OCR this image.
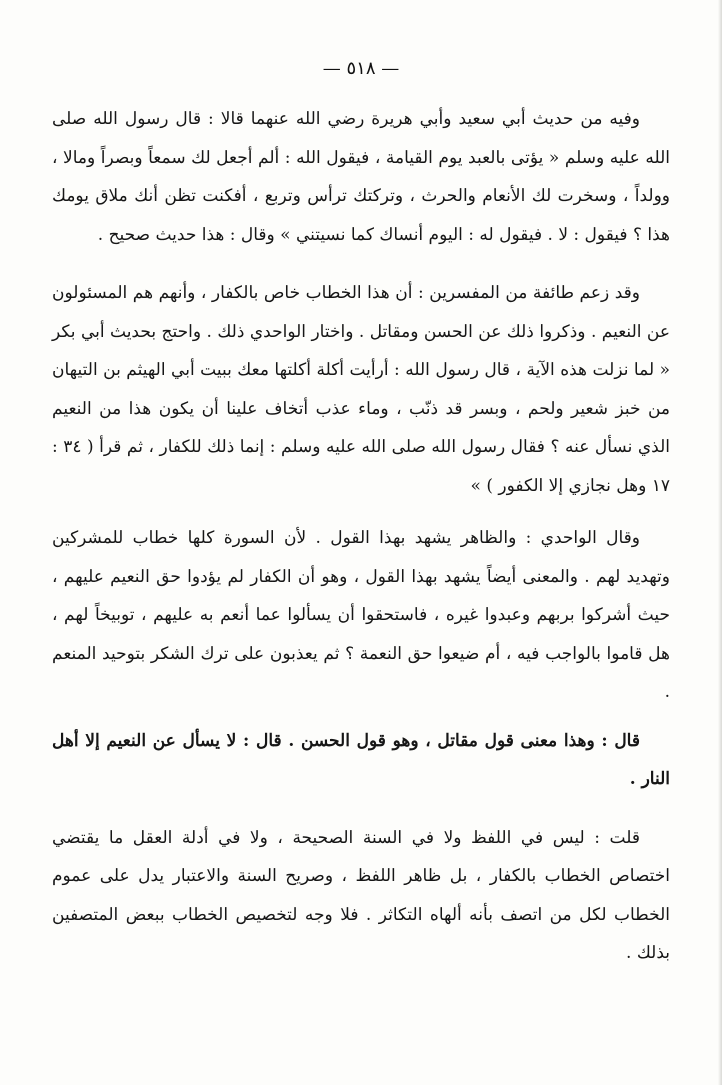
— ٥١٨ —

وفيه من حديث أبي سعيد وأبي هريرة رضي الله عنهما قالا : قال رسول الله صلى الله عليه وسلم « يؤتى بالعبد يوم القيامة ، فيقول الله : ألم أجعل لك سمعاً وبصراً ومالا ، وولداً ، وسخرت لك الأنعام والحرث ، وتركتك ترأس وتربع ، أفكنت تظن أنك ملاق يومك هذا ؟ فيقول : لا . فيقول له : اليوم أنساك كما نسيتني » وقال : هذا حديث صحيح .

وقد زعم طائفة من المفسرين : أن هذا الخطاب خاص بالكفار ، وأنهم هم المسئولون عن النعيم . وذكروا ذلك عن الحسن ومقاتل . واختار الواحدي ذلك . واحتج بحديث أبي بكر « لما نزلت هذه الآية ، قال رسول الله : أرأيت أكلة أكلتها معك ببيت أبي الهيثم بن التيهان من خبز شعير ولحم ، وبسر قد ذنّب ، وماء عذب أتخاف علينا أن يكون هذا من النعيم الذي نسأل عنه ؟ فقال رسول الله صلى الله عليه وسلم : إنما ذلك للكفار ، ثم قرأ ( ٣٤ : ١٧ وهل نجازي إلا الكفور ) »

وقال الواحدي : والظاهر يشهد بهذا القول . لأن السورة كلها خطاب للمشركين وتهديد لهم . والمعنى أيضاً يشهد بهذا القول ، وهو أن الكفار لم يؤدوا حق النعيم عليهم ، حيث أشركوا بربهم وعبدوا غيره ، فاستحقوا أن يسألوا عما أنعم به عليهم ، توبيخاً لهم ، هل قاموا بالواجب فيه ، أم ضيعوا حق النعمة ؟ ثم يعذبون على ترك الشكر بتوحيد المنعم .

قال : وهذا معنى قول مقاتل ، وهو قول الحسن . قال : لا يسأل عن النعيم إلا أهل النار .

قلت : ليس في اللفظ ولا في السنة الصحيحة ، ولا في أدلة العقل ما يقتضي اختصاص الخطاب بالكفار ، بل ظاهر اللفظ ، وصريح السنة والاعتبار يدل على عموم الخطاب لكل من اتصف بأنه ألهاه التكاثر . فلا وجه لتخصيص الخطاب ببعض المتصفين بذلك .
